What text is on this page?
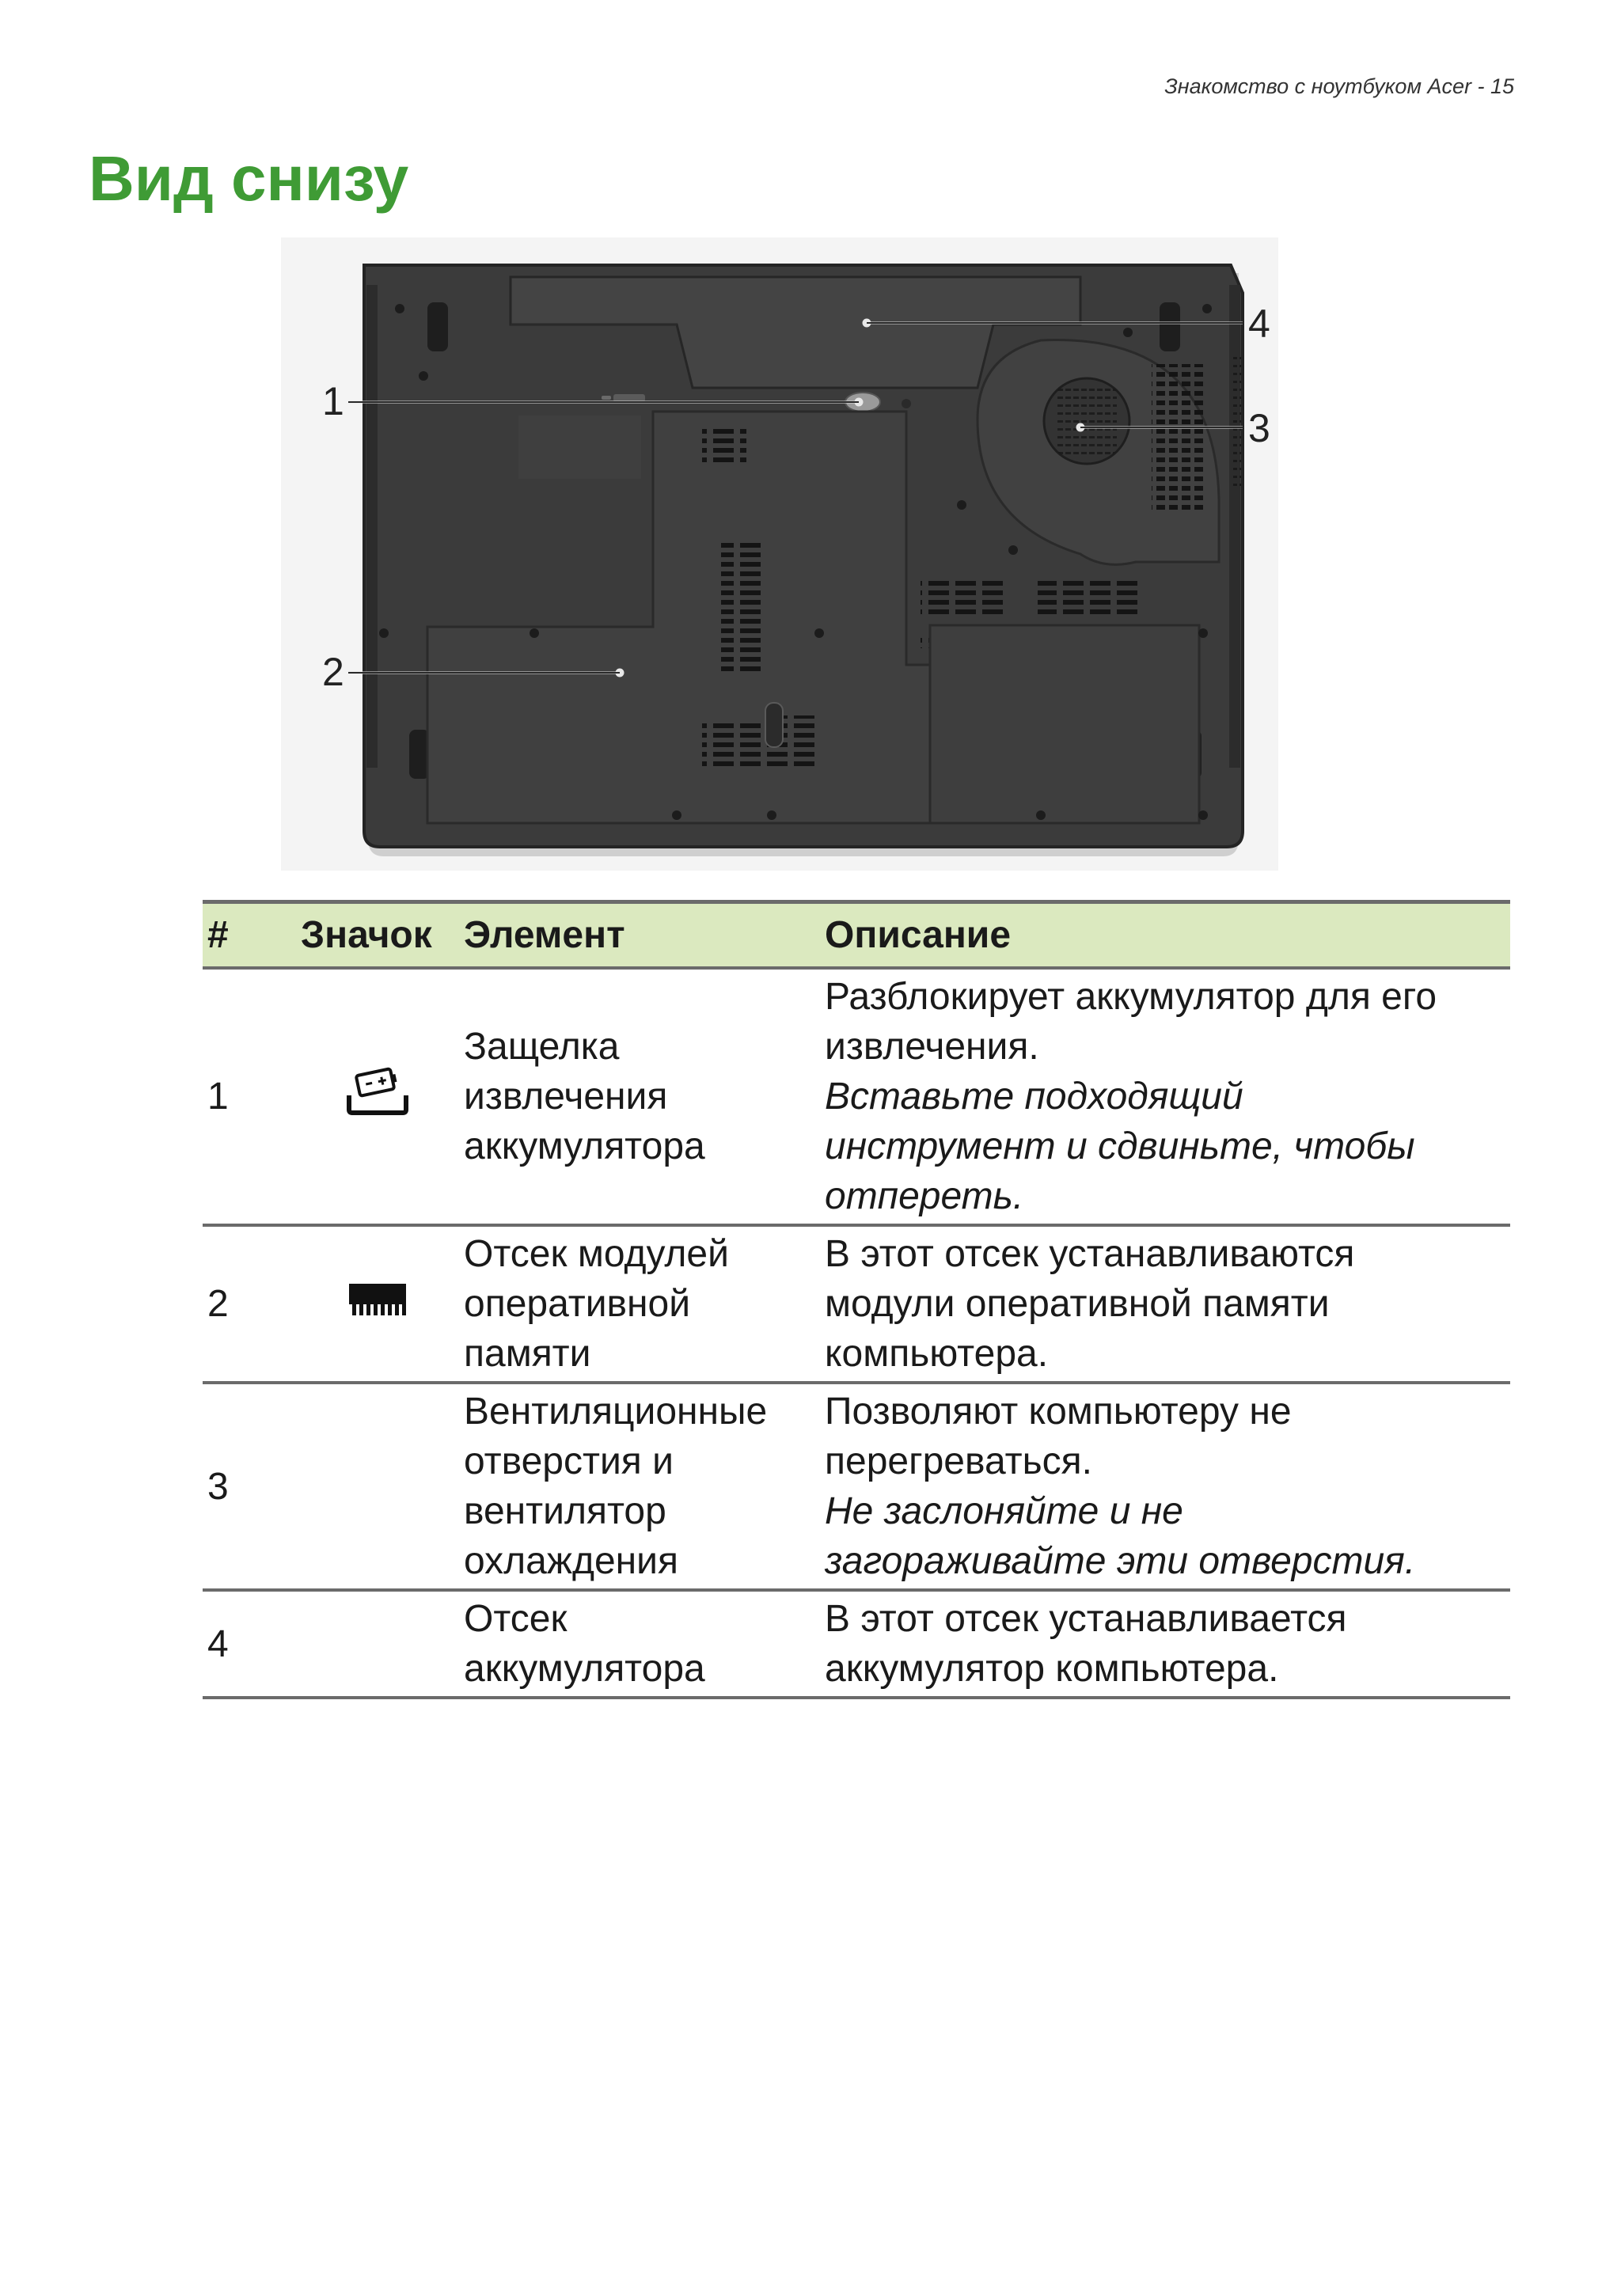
Знакомство с ноутбуком Acer - 15
Вид снизу
1
2
3
4
#	Значок	Элемент	Описание
1		Защелка
извлечения
аккумулятора	Разблокирует аккумулятор для его
извлечения.
Вставьте подходящий
инструмент и сдвиньте, чтобы
отпереть.

2		Отсек модулей
оперативной
памяти	В этот отсек устанавливаются
модули оперативной памяти
компьютера.

3		Вентиляционные
отверстия и
вентилятор
охлаждения	Позволяют компьютеру не
перегреваться.
Не заслоняйте и не
загораживайте эти отверстия.

4		Отсек
аккумулятора	В этот отсек устанавливается
аккумулятор компьютера.
